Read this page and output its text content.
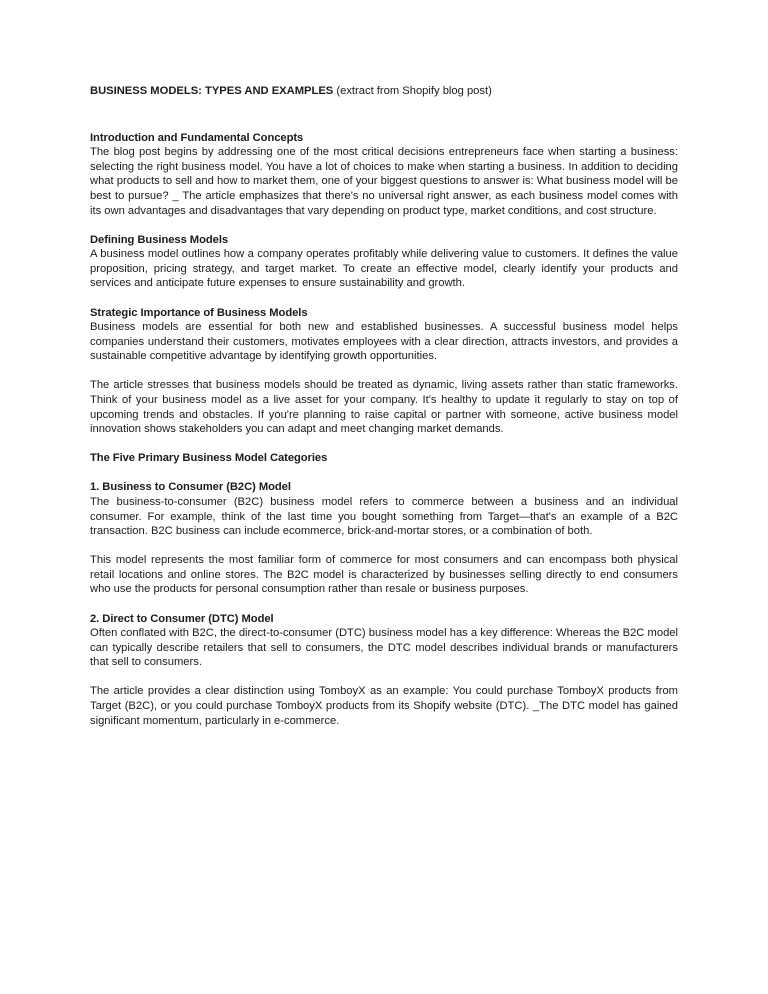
BUSINESS MODELS: TYPES AND EXAMPLES (extract from Shopify blog post)

Introduction and Fundamental Concepts

The blog post begins by addressing one of the most critical decisions entrepreneurs face when starting a business: selecting the right business model. You have a lot of choices to make when starting a business. In addition to deciding what products to sell and how to market them, one of your biggest questions to answer is: What business model will be best to pursue? _ The article emphasizes that there's no universal right answer, as each business model comes with its own advantages and disadvantages that vary depending on product type, market conditions, and cost structure.

Defining Business Models

A business model outlines how a company operates profitably while delivering value to customers. It defines the value proposition, pricing strategy, and target market. To create an effective model, clearly identify your products and services and anticipate future expenses to ensure sustainability and growth.

Strategic Importance of Business Models

Business models are essential for both new and established businesses. A successful business model helps companies understand their customers, motivates employees with a clear direction, attracts investors, and provides a sustainable competitive advantage by identifying growth opportunities.

The article stresses that business models should be treated as dynamic, living assets rather than static frameworks. Think of your business model as a live asset for your company. It's healthy to update it regularly to stay on top of upcoming trends and obstacles. If you're planning to raise capital or partner with someone, active business model innovation shows stakeholders you can adapt and meet changing market demands.

The Five Primary Business Model Categories
1. Business to Consumer (B2C) Model

The business-to-consumer (B2C) business model refers to commerce between a business and an individual consumer. For example, think of the last time you bought something from Target—that's an example of a B2C transaction. B2C business can include ecommerce, brick-and-mortar stores, or a combination of both.

This model represents the most familiar form of commerce for most consumers and can encompass both physical retail locations and online stores. The B2C model is characterized by businesses selling directly to end consumers who use the products for personal consumption rather than resale or business purposes.

2. Direct to Consumer (DTC) Model

Often conflated with B2C, the direct-to-consumer (DTC) business model has a key difference: Whereas the B2C model can typically describe retailers that sell to consumers, the DTC model describes individual brands or manufacturers that sell to consumers.

The article provides a clear distinction using TomboyX as an example: You could purchase TomboyX products from Target (B2C), or you could purchase TomboyX products from its Shopify website (DTC). _The DTC model has gained significant momentum, particularly in e-commerce.
